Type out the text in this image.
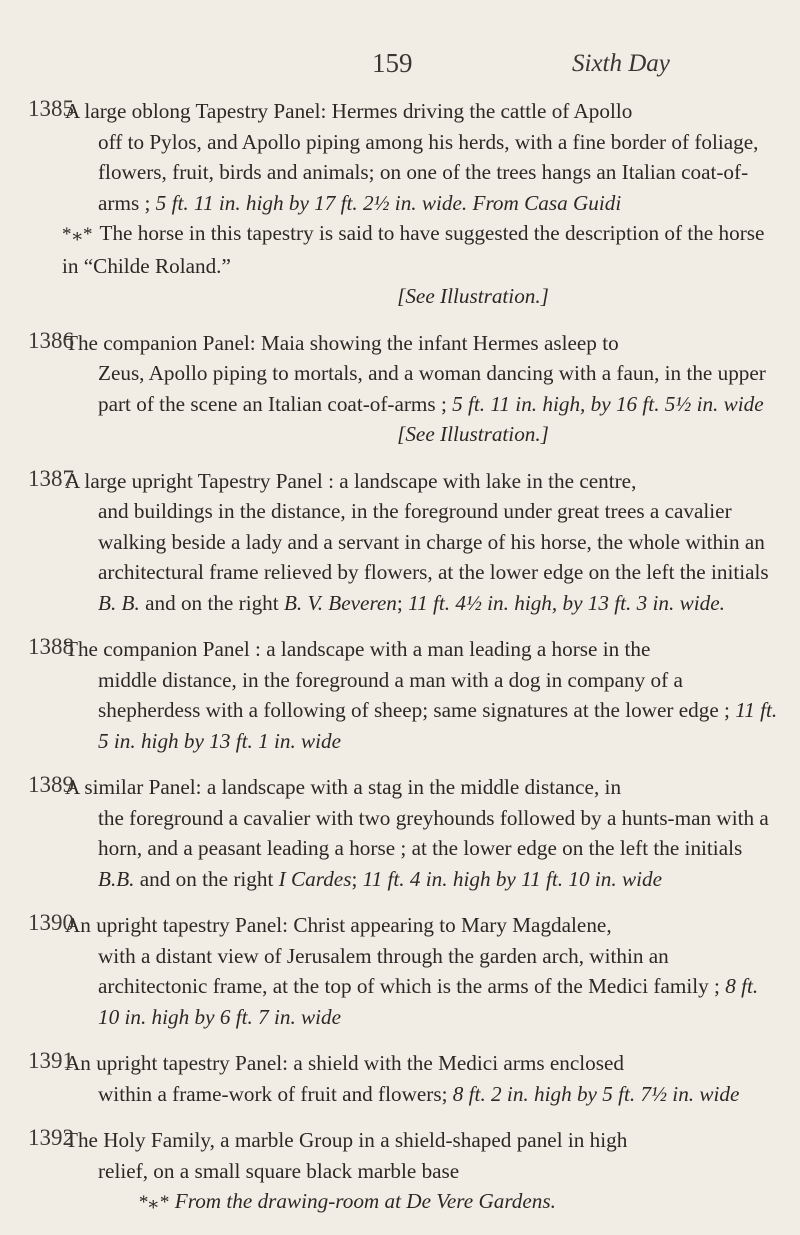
159	Sixth Day
1385
A large oblong Tapestry Panel: Hermes driving the cattle of Apollo
off to Pylos, and Apollo piping among his herds, with a fine border of foliage, flowers, fruit, birds and animals; on one of the trees hangs an Italian coat-of-arms ; 5 ft. 11 in. high by 17 ft. 2½ in. wide. From Casa Guidi
*⁎* The horse in this tapestry is said to have suggested the description of the horse in “Childe Roland.”
[See Illustration.]
1386
The companion Panel: Maia showing the infant Hermes asleep to
Zeus, Apollo piping to mortals, and a woman dancing with a faun, in the upper part of the scene an Italian coat-of-arms ; 5 ft. 11 in. high, by 16 ft. 5½ in. wide
[See Illustration.]
1387
A large upright Tapestry Panel : a landscape with lake in the centre,
and buildings in the distance, in the foreground under great trees a cavalier walking beside a lady and a servant in charge of his horse, the whole within an architectural frame relieved by flowers, at the lower edge on the left the initials B. B. and on the right B. V. Beveren; 11 ft. 4½ in. high, by 13 ft. 3 in. wide.
1388
The companion Panel : a landscape with a man leading a horse in the
middle distance, in the foreground a man with a dog in company of a shepherdess with a following of sheep; same signatures at the lower edge ; 11 ft. 5 in. high by 13 ft. 1 in. wide
1389
A similar Panel: a landscape with a stag in the middle distance, in
the foreground a cavalier with two greyhounds followed by a hunts-man with a horn, and a peasant leading a horse ; at the lower edge on the left the initials B.B. and on the right I Cardes; 11 ft. 4 in. high by 11 ft. 10 in. wide
1390
An upright tapestry Panel: Christ appearing to Mary Magdalene,
with a distant view of Jerusalem through the garden arch, within an architectonic frame, at the top of which is the arms of the Medici family ; 8 ft. 10 in. high by 6 ft. 7 in. wide
1391
An upright tapestry Panel: a shield with the Medici arms enclosed
within a frame-work of fruit and flowers; 8 ft. 2 in. high by 5 ft. 7½ in. wide
1392
The Holy Family, a marble Group in a shield-shaped panel in high
relief, on a small square black marble base
*⁎* From the drawing-room at De Vere Gardens.
